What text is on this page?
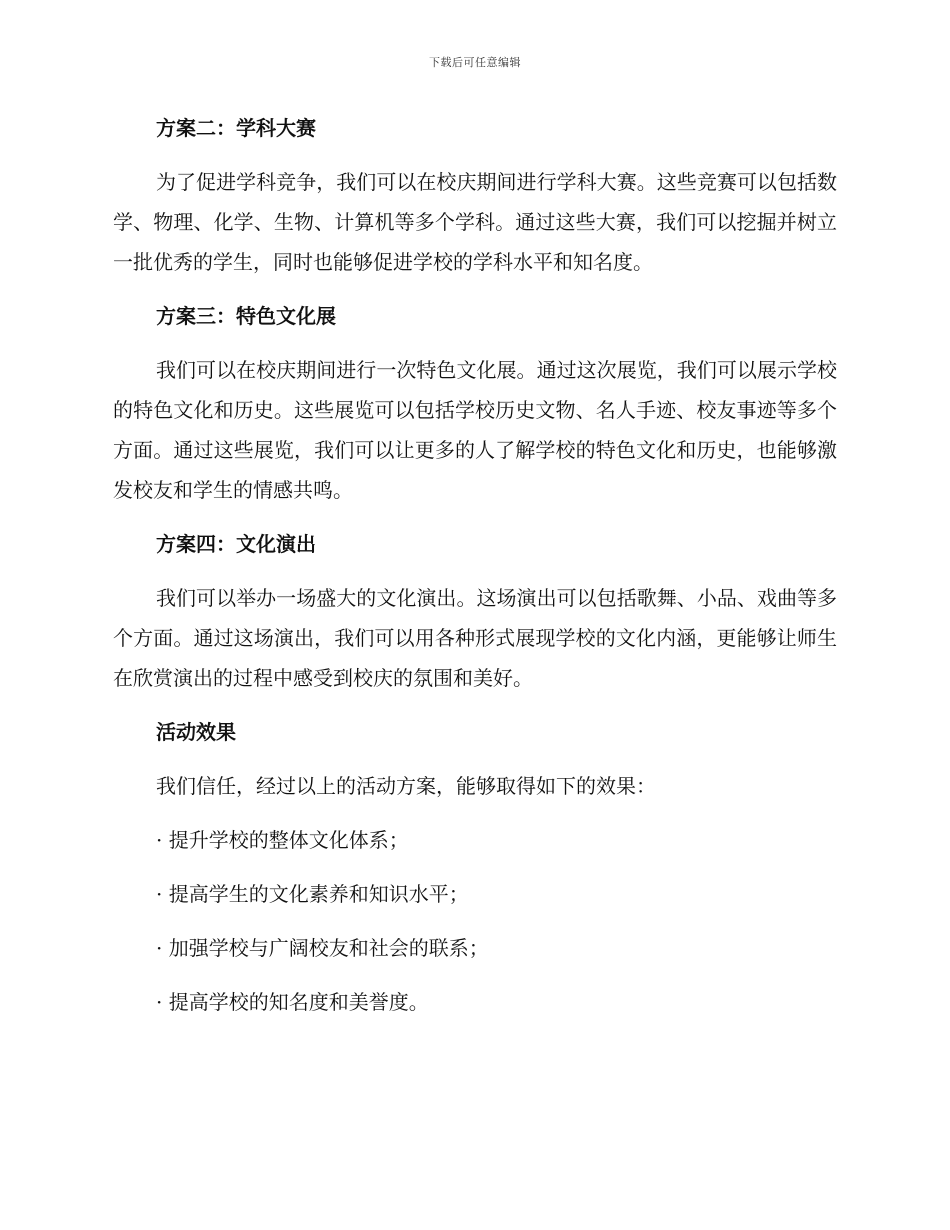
下载后可任意编辑
方案二：学科大赛
为了促进学科竞争，我们可以在校庆期间进行学科大赛。这些竞赛可以包括数学、物理、化学、生物、计算机等多个学科。通过这些大赛，我们可以挖掘并树立一批优秀的学生，同时也能够促进学校的学科水平和知名度。
方案三：特色文化展
我们可以在校庆期间进行一次特色文化展。通过这次展览，我们可以展示学校的特色文化和历史。这些展览可以包括学校历史文物、名人手迹、校友事迹等多个方面。通过这些展览，我们可以让更多的人了解学校的特色文化和历史，也能够激发校友和学生的情感共鸣。
方案四：文化演出
我们可以举办一场盛大的文化演出。这场演出可以包括歌舞、小品、戏曲等多个方面。通过这场演出，我们可以用各种形式展现学校的文化内涵，更能够让师生在欣赏演出的过程中感受到校庆的氛围和美好。
活动效果
我们信任，经过以上的活动方案，能够取得如下的效果：
· 提升学校的整体文化体系；
· 提高学生的文化素养和知识水平；
· 加强学校与广阔校友和社会的联系；
· 提高学校的知名度和美誉度。
